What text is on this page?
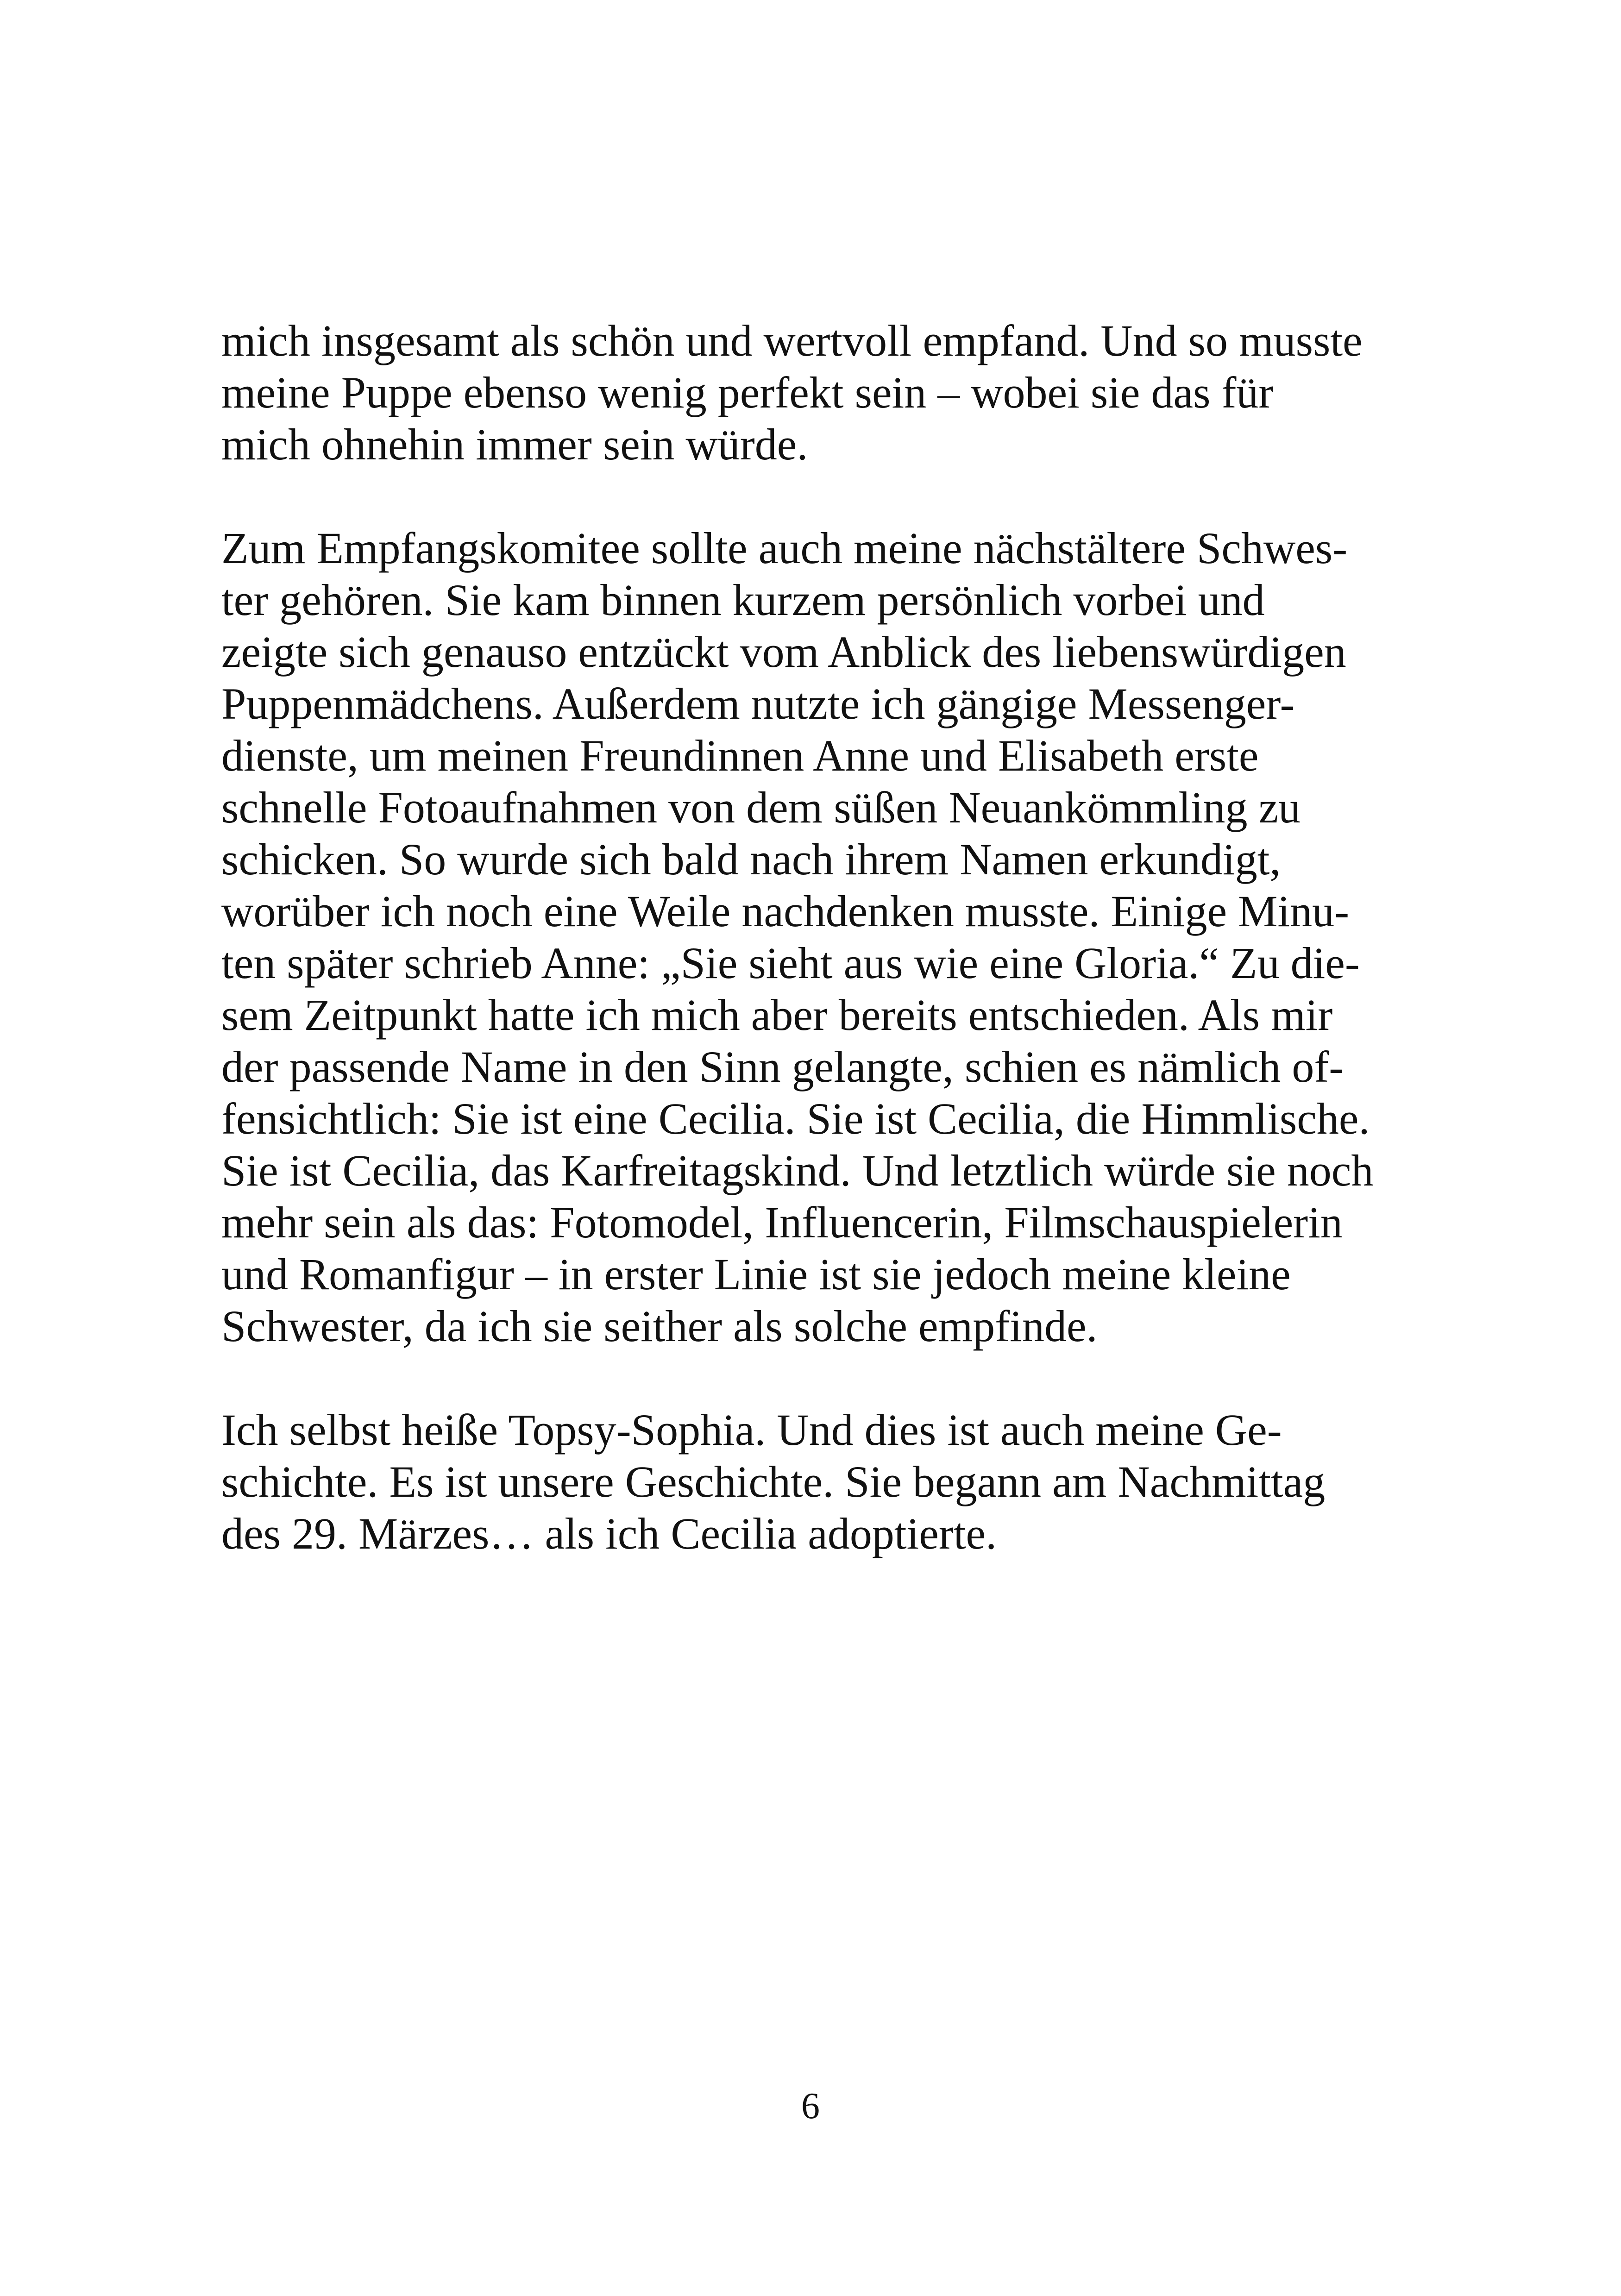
mich insgesamt als schön und wertvoll empfand. Und so musste
meine Puppe ebenso wenig perfekt sein – wobei sie das für
mich ohnehin immer sein würde.

Zum Empfangskomitee sollte auch meine nächstältere Schwes-
ter gehören. Sie kam binnen kurzem persönlich vorbei und
zeigte sich genauso entzückt vom Anblick des liebenswürdigen
Puppenmädchens. Außerdem nutzte ich gängige Messenger-
dienste, um meinen Freundinnen Anne und Elisabeth erste
schnelle Fotoaufnahmen von dem süßen Neuankömmling zu
schicken. So wurde sich bald nach ihrem Namen erkundigt,
worüber ich noch eine Weile nachdenken musste. Einige Minu-
ten später schrieb Anne: „Sie sieht aus wie eine Gloria.“ Zu die-
sem Zeitpunkt hatte ich mich aber bereits entschieden. Als mir
der passende Name in den Sinn gelangte, schien es nämlich of-
fensichtlich: Sie ist eine Cecilia. Sie ist Cecilia, die Himmlische.
Sie ist Cecilia, das Karfreitagskind. Und letztlich würde sie noch
mehr sein als das: Fotomodel, Influencerin, Filmschauspielerin
und Romanfigur – in erster Linie ist sie jedoch meine kleine
Schwester, da ich sie seither als solche empfinde.

Ich selbst heiße Topsy-Sophia. Und dies ist auch meine Ge-
schichte. Es ist unsere Geschichte. Sie begann am Nachmittag
des 29. Märzes… als ich Cecilia adoptierte.

6
